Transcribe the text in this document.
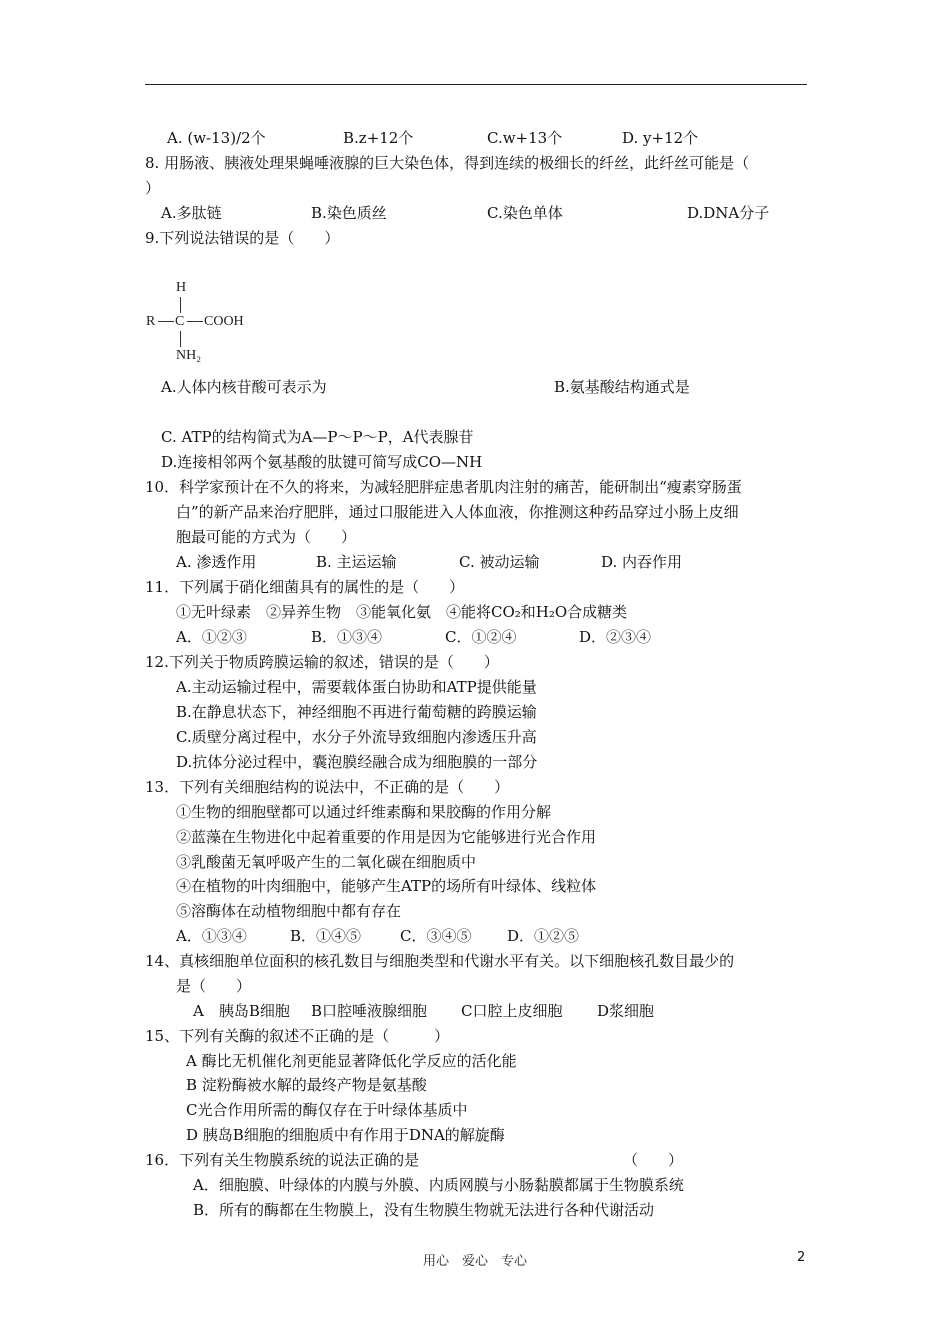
A. (w-13)/2个	B.z+12个	C.w+13个	D. y+12个
8. 用肠液、胰液处理果蝇唾液腺的巨大染色体，得到连续的极细长的纤丝，此纤丝可能是（
）
A.多肽链	B.染色质丝	C.染色单体	D.DNA分子
9.下列说法错误的是（　　）
H
R C COOH
NH₂
A.人体内核苷酸可表示为	B.氨基酸结构通式是
C. ATP的结构简式为A—P～P～P，A代表腺苷
D.连接相邻两个氨基酸的肽键可简写成CO—NH
10．科学家预计在不久的将来，为减轻肥胖症患者肌肉注射的痛苦，能研制出“瘦素穿肠蛋
白”的新产品来治疗肥胖，通过口服能进入人体血液，你推测这种药品穿过小肠上皮细
胞最可能的方式为（　　）
A. 渗透作用	B. 主运运输	C. 被动运输	D. 内吞作用
11．下列属于硝化细菌具有的属性的是（　　）
①无叶绿素　②异养生物　③能氧化氨　④能将CO₂和H₂O合成糖类
A．①②③	B．①③④	C．①②④	D．②③④
12.下列关于物质跨膜运输的叙述，错误的是（　　）
A.主动运输过程中，需要载体蛋白协助和ATP提供能量
B.在静息状态下，神经细胞不再进行葡萄糖的跨膜运输
C.质壁分离过程中，水分子外流导致细胞内渗透压升高
D.抗体分泌过程中，囊泡膜经融合成为细胞膜的一部分
13．下列有关细胞结构的说法中，不正确的是（　　）
①生物的细胞壁都可以通过纤维素酶和果胶酶的作用分解
②蓝藻在生物进化中起着重要的作用是因为它能够进行光合作用
③乳酸菌无氧呼吸产生的二氧化碳在细胞质中
④在植物的叶肉细胞中，能够产生ATP的场所有叶绿体、线粒体
⑤溶酶体在动植物细胞中都有存在
A．①③④	B．①④⑤	C．③④⑤ D．①②⑤
14、真核细胞单位面积的核孔数目与细胞类型和代谢水平有关。以下细胞核孔数目最少的
是（　　）
A　胰岛B细胞 B口腔唾液腺细胞 C口腔上皮细胞 D浆细胞
15、下列有关酶的叙述不正确的是（　　　）
A 酶比无机催化剂更能显著降低化学反应的活化能
B 淀粉酶被水解的最终产物是氨基酸
C光合作用所需的酶仅存在于叶绿体基质中
D 胰岛B细胞的细胞质中有作用于DNA的解旋酶
16．下列有关生物膜系统的说法正确的是	（　　）
A．细胞膜、叶绿体的内膜与外膜、内质网膜与小肠黏膜都属于生物膜系统
B．所有的酶都在生物膜上，没有生物膜生物就无法进行各种代谢活动
用心　爱心　专心	2
